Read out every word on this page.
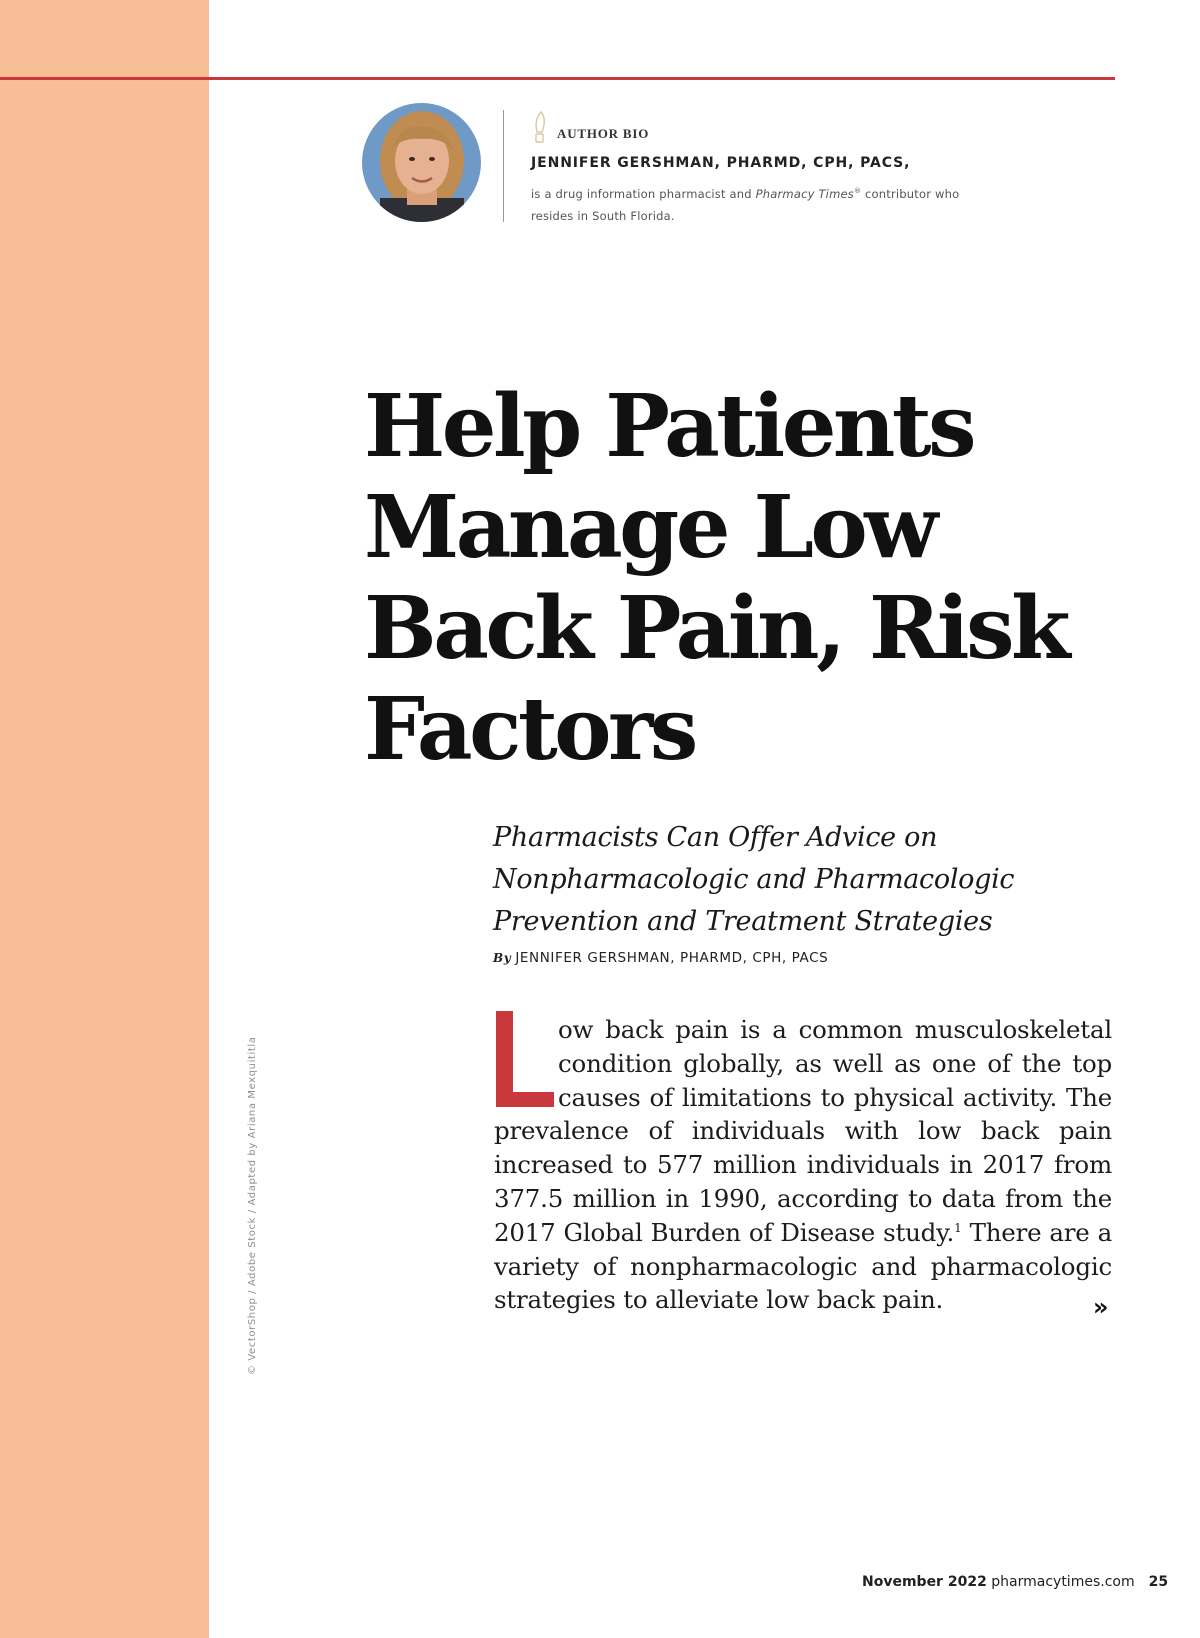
© VectorShop / Adobe Stock / Adapted by Ariana Mexquititla
AUTHOR BIO
JENNIFER GERSHMAN, PHARMD, CPH, PACS,
is a drug information pharmacist and Pharmacy Times® contributor who resides in South Florida.
Help Patients Manage Low Back Pain, Risk Factors

Pharmacists Can Offer Advice on Nonpharmacologic and Pharmacologic Prevention and Treatment Strategies

By JENNIFER GERSHMAN, PHARMD, CPH, PACS

ow back pain is a common musculoskeletal condition globally, as well as one of the top causes of limitations to physical activity. The prevalence of individuals with low back pain increased to 577 million individuals in 2017 from 377.5 million in 1990, according to data from the 2017 Global Burden of Disease study.$^1$ There are a variety of nonpharmacologic and pharmacologic strategies to alleviate low back pain.	»
November 2022 pharmacytimes.com 25
